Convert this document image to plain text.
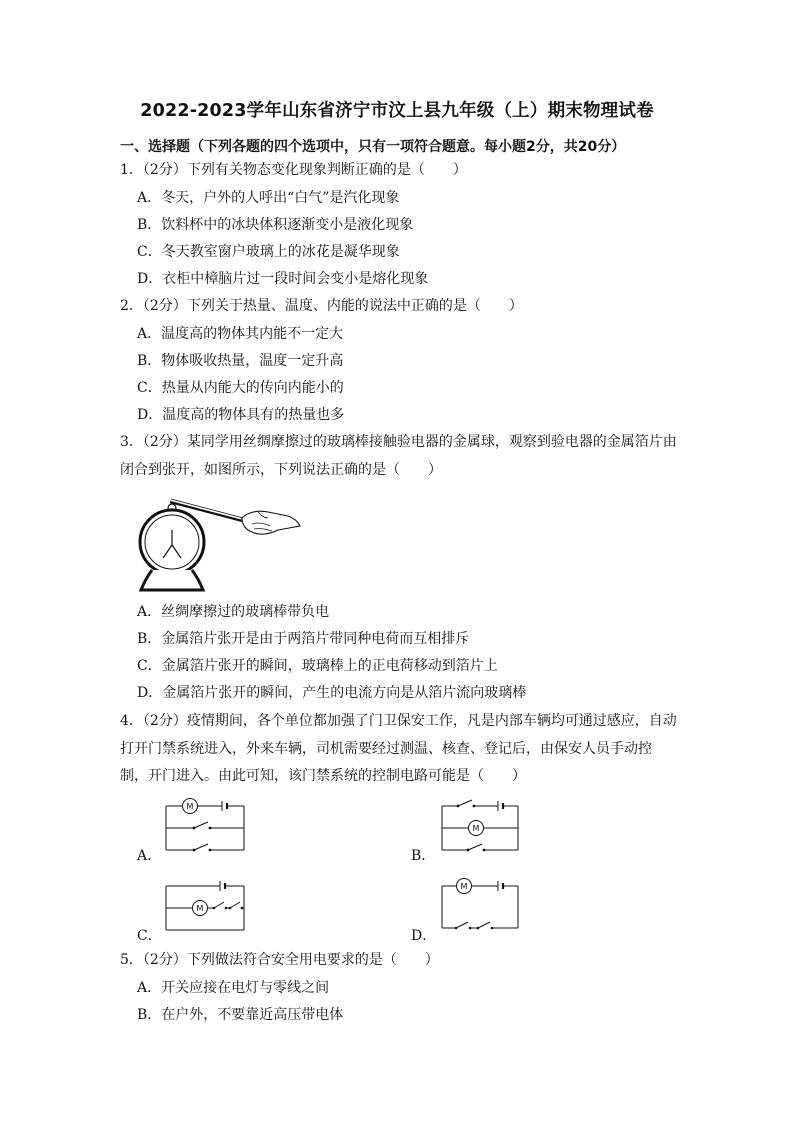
2022-2023学年山东省济宁市汶上县九年级（上）期末物理试卷
一、选择题（下列各题的四个选项中，只有一项符合题意。每小题2分，共20分）
1．（2分）下列有关物态变化现象判断正确的是（　　）
A．冬天，户外的人呼出“白气”是汽化现象
B．饮料杯中的冰块体积逐渐变小是液化现象
C．冬天教室窗户玻璃上的冰花是凝华现象
D．衣柜中樟脑片过一段时间会变小是熔化现象
2．（2分）下列关于热量、温度、内能的说法中正确的是（　　）
A．温度高的物体其内能不一定大
B．物体吸收热量，温度一定升高
C．热量从内能大的传向内能小的
D．温度高的物体具有的热量也多
3．（2分）某同学用丝绸摩擦过的玻璃棒接触验电器的金属球，观察到验电器的金属箔片由
闭合到张开，如图所示，下列说法正确的是（　　）
A．丝绸摩擦过的玻璃棒带负电
B．金属箔片张开是由于两箔片带同种电荷而互相排斥
C．金属箔片张开的瞬间，玻璃棒上的正电荷移动到箔片上
D．金属箔片张开的瞬间，产生的电流方向是从箔片流向玻璃棒
4．（2分）疫情期间，各个单位都加强了门卫保安工作，凡是内部车辆均可通过感应，自动
打开门禁系统进入，外来车辆，司机需要经过测温、核查、登记后，由保安人员手动控
制，开门进入。由此可知，该门禁系统的控制电路可能是（　　）
A．
M
B．
M
C．
M
D．
M
5．（2分）下列做法符合安全用电要求的是（　　）
A．开关应接在电灯与零线之间
B．在户外，不要靠近高压带电体
